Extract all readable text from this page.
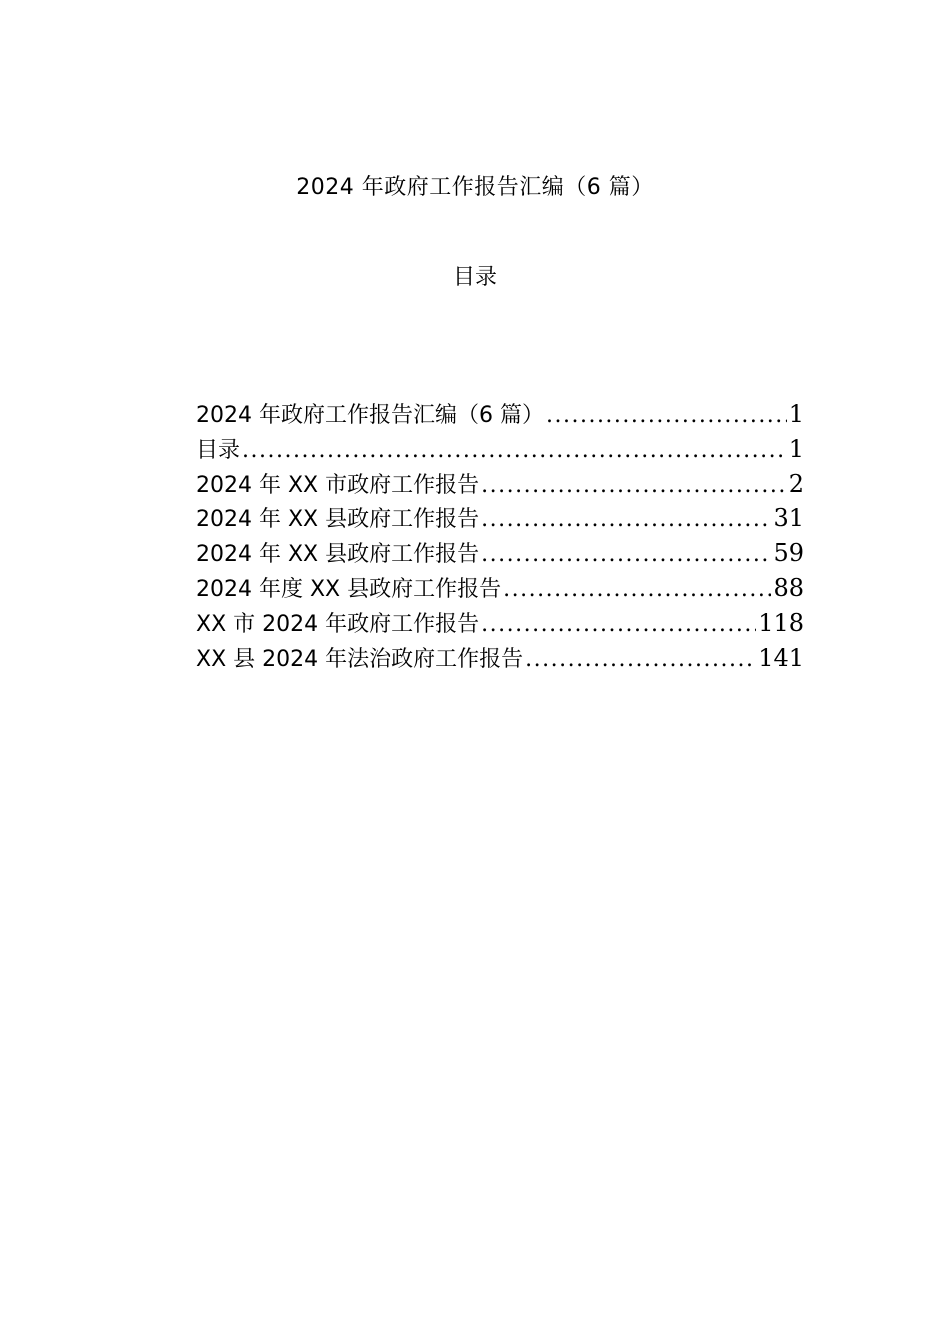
2024 年政府工作报告汇编（6 篇）
目录
2024 年政府工作报告汇编（6 篇） .....	1
目录 .....	1
2024 年 XX 市政府工作报告 .....	2
2024 年 XX 县政府工作报告 .....	31
2024 年 XX 县政府工作报告 .....	59
2024 年度 XX 县政府工作报告 .....	88
XX 市 2024 年政府工作报告 .....	118
XX 县 2024 年法治政府工作报告 .....	141
